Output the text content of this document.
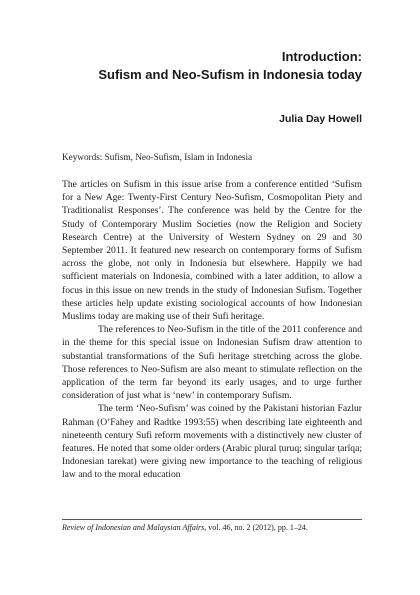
Introduction:
Sufism and Neo-Sufism in Indonesia today
Julia Day Howell
Keywords: Sufism, Neo-Sufism, Islam in Indonesia

The articles on Sufism in this issue arise from a conference entitled ‘Sufism for a New Age: Twenty-First Century Neo-Sufism, Cosmopolitan Piety and Traditionalist Responses’. The conference was held by the Centre for the Study of Contemporary Muslim Societies (now the Religion and Society Research Centre) at the University of Western Sydney on 29 and 30 September 2011. It featured new research on contemporary forms of Sufism across the globe, not only in Indonesia but elsewhere. Happily we had sufficient materials on Indonesia, combined with a later addition, to allow a focus in this issue on new trends in the study of Indonesian Sufism. Together these articles help update existing sociological accounts of how Indonesian Muslims today are making use of their Sufi heritage.

The references to Neo-Sufism in the title of the 2011 conference and in the theme for this special issue on Indonesian Sufism draw attention to substantial transformations of the Sufi heritage stretching across the globe. Those references to Neo-Sufism are also meant to stimulate reflection on the application of the term far beyond its early usages, and to urge further consideration of just what is ‘new’ in contemporary Sufism.

The term ‘Neo-Sufism’ was coined by the Pakistani historian Fazlur Rahman (O’Fahey and Radtke 1993:55) when describing late eighteenth and nineteenth century Sufi reform movements with a distinctively new cluster of features. He noted that some older orders (Arabic plural ṭuruq; singular ṭarîqa; Indonesian tarekat) were giving new importance to the teaching of religious law and to the moral education

Review of Indonesian and Malaysian Affairs, vol. 46, no. 2 (2012), pp. 1–24.
